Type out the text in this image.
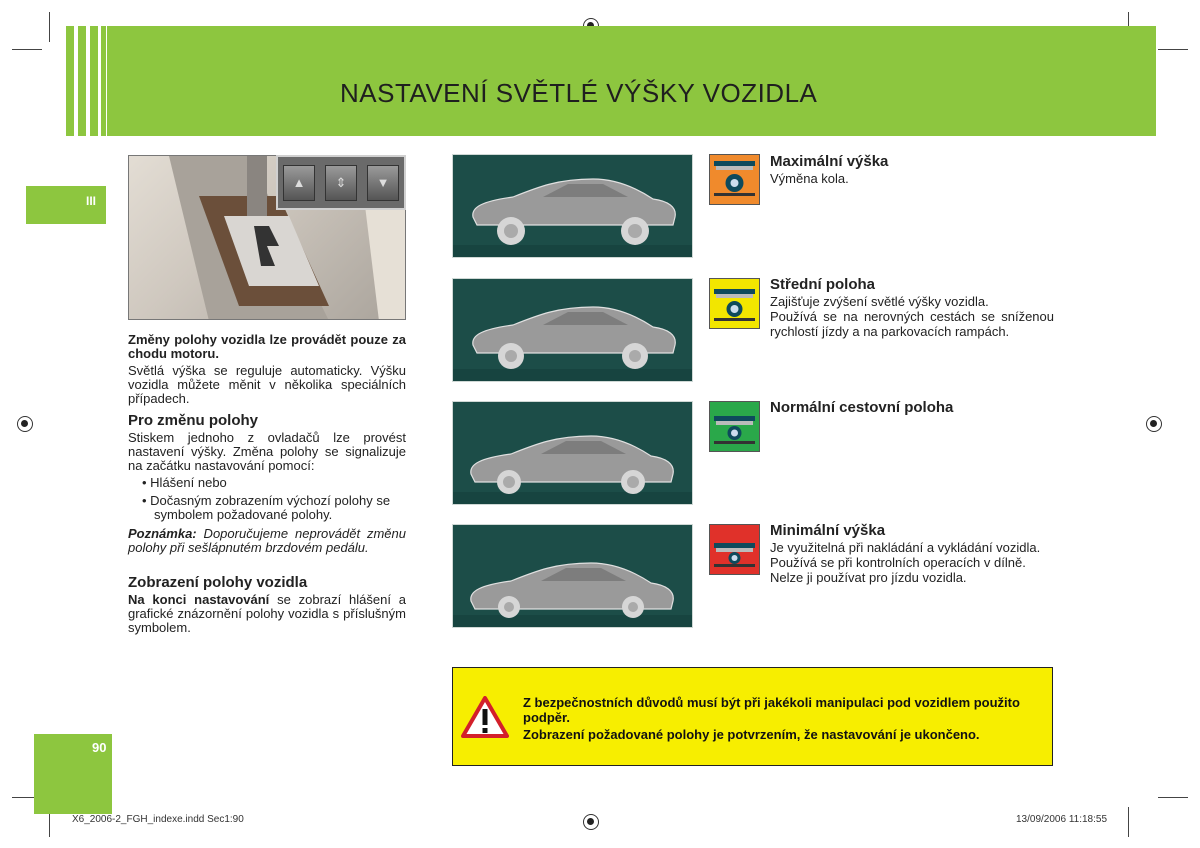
NASTAVENÍ SVĚTLÉ VÝŠKY VOZIDLA
III
90
▲	⇕	▼
Změny polohy vozidla lze provádět pouze za chodu motoru.
Světlá výška se reguluje automaticky. Výšku vozidla můžete měnit v několika speciálních případech.
Pro změnu polohy
Stiskem jednoho z ovladačů lze provést nastavení výšky. Změna polohy se signalizuje na začátku nastavování pomocí:
• Hlášení nebo
• Dočasným zobrazením výchozí polohy se symbolem požadované polohy.
Poznámka: Doporučujeme neprovádět změnu polohy při sešlápnutém brzdovém pedálu.
Zobrazení polohy vozidla
Na konci nastavování se zobrazí hlášení a grafické znázornění polohy vozidla s příslušným symbolem.
Maximální výška
Výměna kola.
Střední poloha
Zajišťuje zvýšení světlé výšky vozidla.
Používá se na nerovných cestách se sníženou rychlostí jízdy a na parkovacích rampách.
Normální cestovní poloha
Minimální výška
Je využitelná při nakládání a vykládání vozidla.
Používá se při kontrolních operacích v dílně.
Nelze ji používat pro jízdu vozidla.
Z bezpečnostních důvodů musí být při jakékoli manipulaci pod vozidlem použito podpěr.
Zobrazení požadované polohy je potvrzením, že nastavování je ukončeno.
X6_2006-2_FGH_indexe.indd Sec1:90	13/09/2006 11:18:55
